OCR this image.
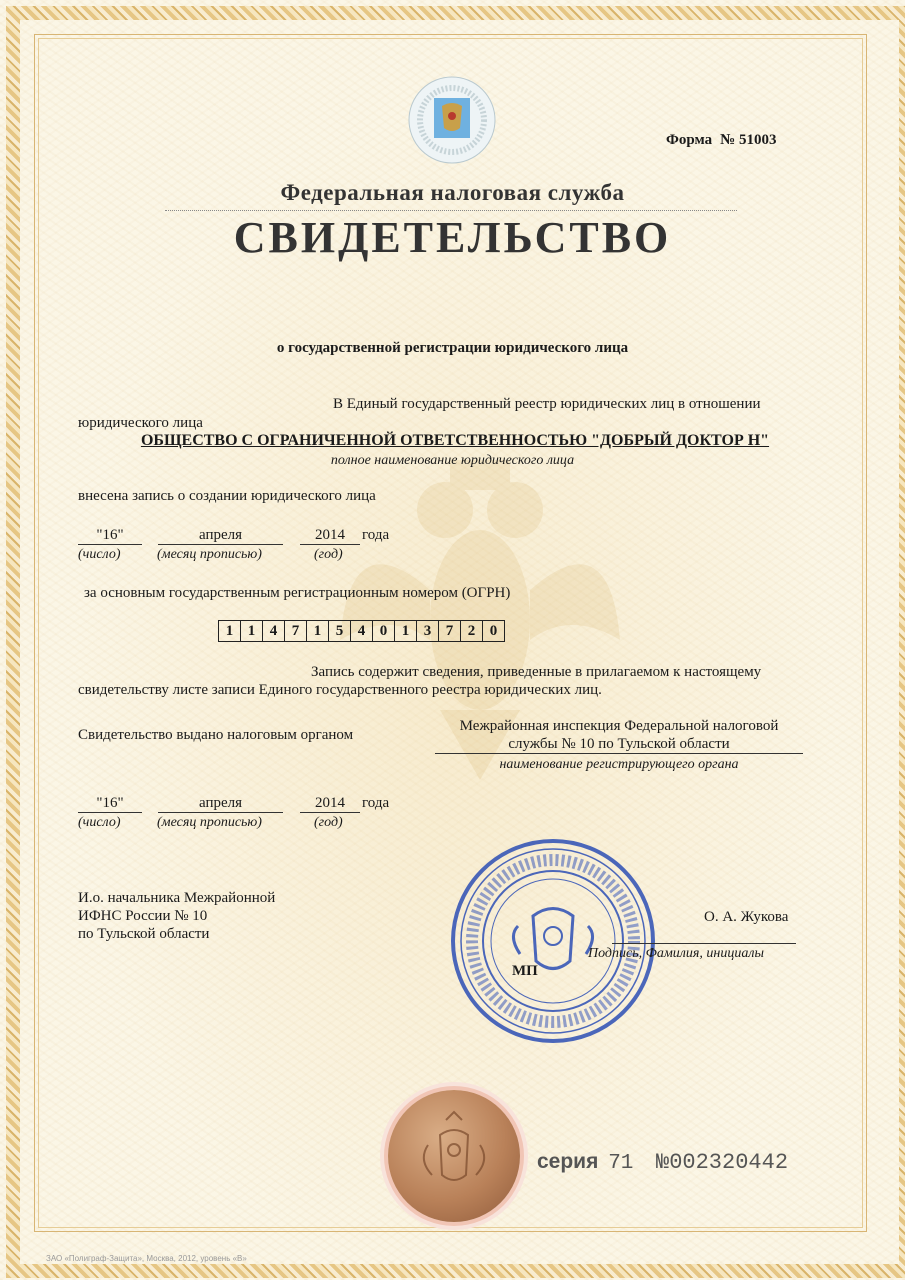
Форма № 51003
Федеральная налоговая служба
СВИДЕТЕЛЬСТВО
о государственной регистрации юридического лица
В Единый государственный реестр юридических лиц в отношении
юридического лица
ОБЩЕСТВО С ОГРАНИЧЕННОЙ ОТВЕТСТВЕННОСТЬЮ "ДОБРЫЙ ДОКТОР Н"
полное наименование юридического лица
внесена запись о создании юридического лица
"16"	апреля	2014	года
(число)	(месяц прописью)	(год)
за основным государственным регистрационным номером (ОГРН)
1 1 4 7 1 5 4 0 1 3 7 2 0
Запись содержит сведения, приведенные в прилагаемом к настоящему
свидетельству листе записи Единого государственного реестра юридических лиц.
Свидетельство выдано налоговым органом
Межрайонная инспекция Федеральной налоговой
службы № 10 по Тульской области
наименование регистрирующего органа
"16"	апреля	2014	года
(число)	(месяц прописью)	(год)
И.о. начальника Межрайонной
ИФНС России № 10
по Тульской области
О. А. Жукова
Подпись, Фамилия, инициалы
МП
серия 71 №002320442
ЗАО «Полиграф-Защита», Москва, 2012, уровень «В»
